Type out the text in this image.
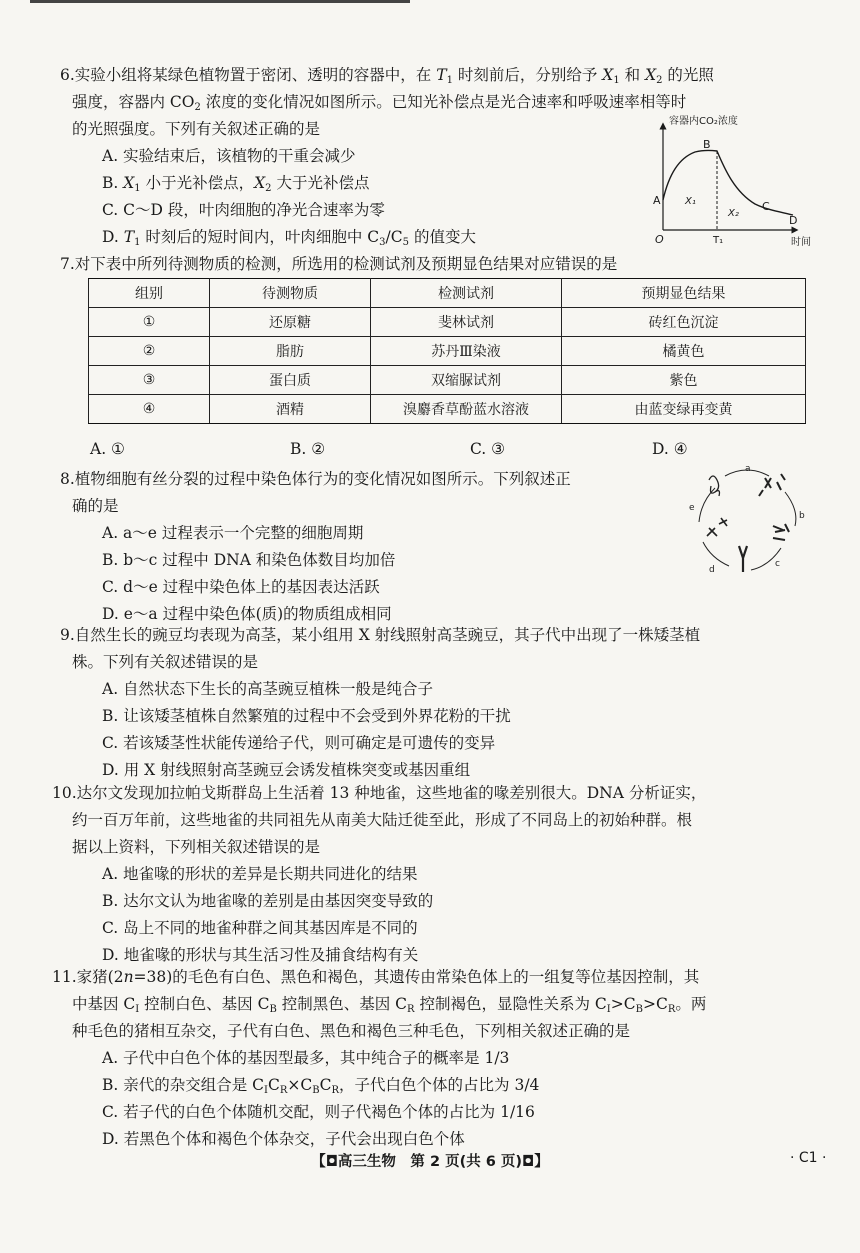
6.实验小组将某绿色植物置于密闭、透明的容器中，在 $T_1$ 时刻前后，分别给予 $X_1$ 和 $X_2$ 的光照

强度，容器内 $CO_2$ 浓度的变化情况如图所示。已知光补偿点是光合速率和呼吸速率相等时

的光照强度。下列有关叙述正确的是

A. 实验结束后，该植物的干重会减少

B. $X_1$ 小于光补偿点，$X_2$ 大于光补偿点

C. C～D 段，叶肉细胞的净光合速率为零

D. $T_1$ 时刻后的短时间内，叶肉细胞中 $C_3/C_5$ 的值变大

容器内CO₂浓度
时间
O	T₁
A
B
C
D
X₁
X₂

7.对下表中所列待测物质的检测，所选用的检测试剂及预期显色结果对应错误的是

组别	待测物质	检测试剂	预期显色结果
①	还原糖	斐林试剂	砖红色沉淀
②	脂肪	苏丹Ⅲ染液	橘黄色
③	蛋白质	双缩脲试剂	紫色
④	酒精	溴麝香草酚蓝水溶液	由蓝变绿再变黄
A. ①	B. ②	C. ③	D. ④

8.植物细胞有丝分裂的过程中染色体行为的变化情况如图所示。下列叙述正

确的是

A. a～e 过程表示一个完整的细胞周期

B. b～c 过程中 DNA 和染色体数目均加倍

C. d～e 过程中染色体上的基因表达活跃

D. e～a 过程中染色体(质)的物质组成相同

a
b
c
d
e

9.自然生长的豌豆均表现为高茎，某小组用 X 射线照射高茎豌豆，其子代中出现了一株矮茎植

株。下列有关叙述错误的是

A. 自然状态下生长的高茎豌豆植株一般是纯合子

B. 让该矮茎植株自然繁殖的过程中不会受到外界花粉的干扰

C. 若该矮茎性状能传递给子代，则可确定是可遗传的变异

D. 用 X 射线照射高茎豌豆会诱发植株突变或基因重组

10.达尔文发现加拉帕戈斯群岛上生活着 13 种地雀，这些地雀的喙差别很大。DNA 分析证实，

约一百万年前，这些地雀的共同祖先从南美大陆迁徙至此，形成了不同岛上的初始种群。根

据以上资料，下列相关叙述错误的是

A. 地雀喙的形状的差异是长期共同进化的结果

B. 达尔文认为地雀喙的差别是由基因突变导致的

C. 岛上不同的地雀种群之间其基因库是不同的

D. 地雀喙的形状与其生活习性及捕食结构有关

11.家猪(2n=38)的毛色有白色、黑色和褐色，其遗传由常染色体上的一组复等位基因控制，其

中基因 $C_I$ 控制白色、基因 $C_B$ 控制黑色、基因 $C_R$ 控制褐色，显隐性关系为 $C_I>C_B>C_R$。两

种毛色的猪相互杂交，子代有白色、黑色和褐色三种毛色，下列相关叙述正确的是

A. 子代中白色个体的基因型最多，其中纯合子的概率是 1/3

B. 亲代的杂交组合是 $C_IC_R\times C_BC_R$，子代白色个体的占比为 3/4

C. 若子代的白色个体随机交配，则子代褐色个体的占比为 1/16

D. 若黑色个体和褐色个体杂交，子代会出现白色个体

【◘高三生物　第 2 页(共 6 页)◘】	· C1 ·
